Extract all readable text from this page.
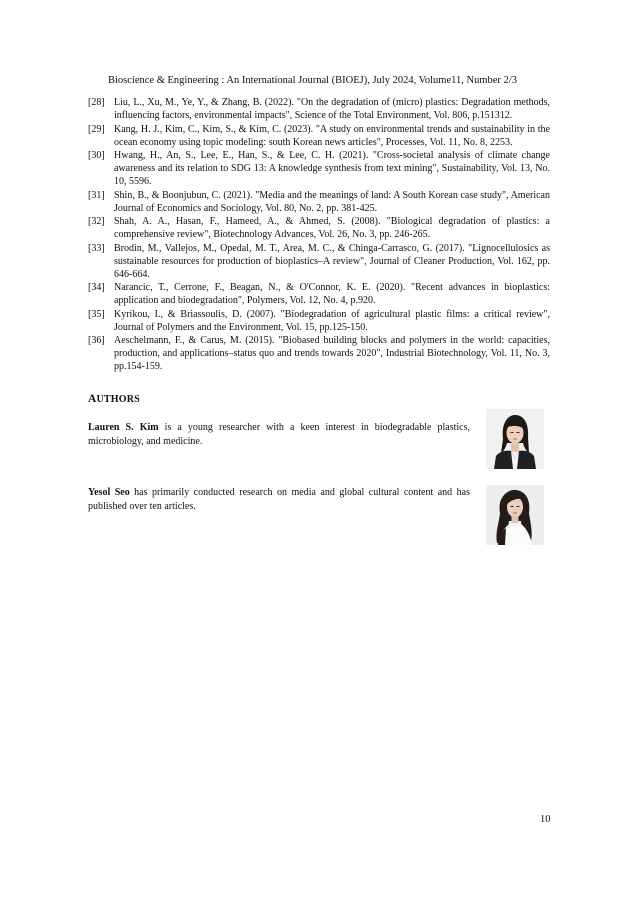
Bioscience & Engineering : An International Journal (BIOEJ), July 2024, Volume11, Number 2/3
[28] Liu, L., Xu, M., Ye, Y., & Zhang, B. (2022). "On the degradation of (micro) plastics: Degradation methods, influencing factors, environmental impacts", Science of the Total Environment, Vol. 806, p.151312.
[29] Kang, H. J., Kim, C., Kim, S., & Kim, C. (2023). "A study on environmental trends and sustainability in the ocean economy using topic modeling: south Korean news articles", Processes, Vol. 11, No. 8, 2253.
[30] Hwang, H., An, S., Lee, E., Han, S., & Lee, C. H. (2021). "Cross-societal analysis of climate change awareness and its relation to SDG 13: A knowledge synthesis from text mining", Sustainability, Vol. 13, No. 10, 5596.
[31] Shin, B., & Boonjubun, C. (2021). "Media and the meanings of land: A South Korean case study", American Journal of Economics and Sociology, Vol. 80, No. 2, pp. 381-425.
[32] Shah, A. A., Hasan, F., Hameed, A., & Ahmed, S. (2008). "Biological degradation of plastics: a comprehensive review", Biotechnology Advances, Vol. 26, No. 3, pp. 246-265.
[33] Brodin, M., Vallejos, M., Opedal, M. T., Area, M. C., & Chinga-Carrasco, G. (2017). "Lignocellulosics as sustainable resources for production of bioplastics–A review", Journal of Cleaner Production, Vol. 162, pp. 646-664.
[34] Narancic, T., Cerrone, F., Beagan, N., & O'Connor, K. E. (2020). "Recent advances in bioplastics: application and biodegradation", Polymers, Vol. 12, No. 4, p.920.
[35] Kyrikou, I., & Briassoulis, D. (2007). "Biodegradation of agricultural plastic films: a critical review", Journal of Polymers and the Environment, Vol. 15, pp.125-150.
[36] Aeschelmann, F., & Carus, M. (2015). "Biobased building blocks and polymers in the world: capacities, production, and applications–status quo and trends towards 2020", Industrial Biotechnology, Vol. 11, No. 3, pp.154-159.
AUTHORS
Lauren S. Kim is a young researcher with a keen interest in biodegradable plastics, microbiology, and medicine.
Yesol Seo has primarily conducted research on media and global cultural content and has published over ten articles.
10
